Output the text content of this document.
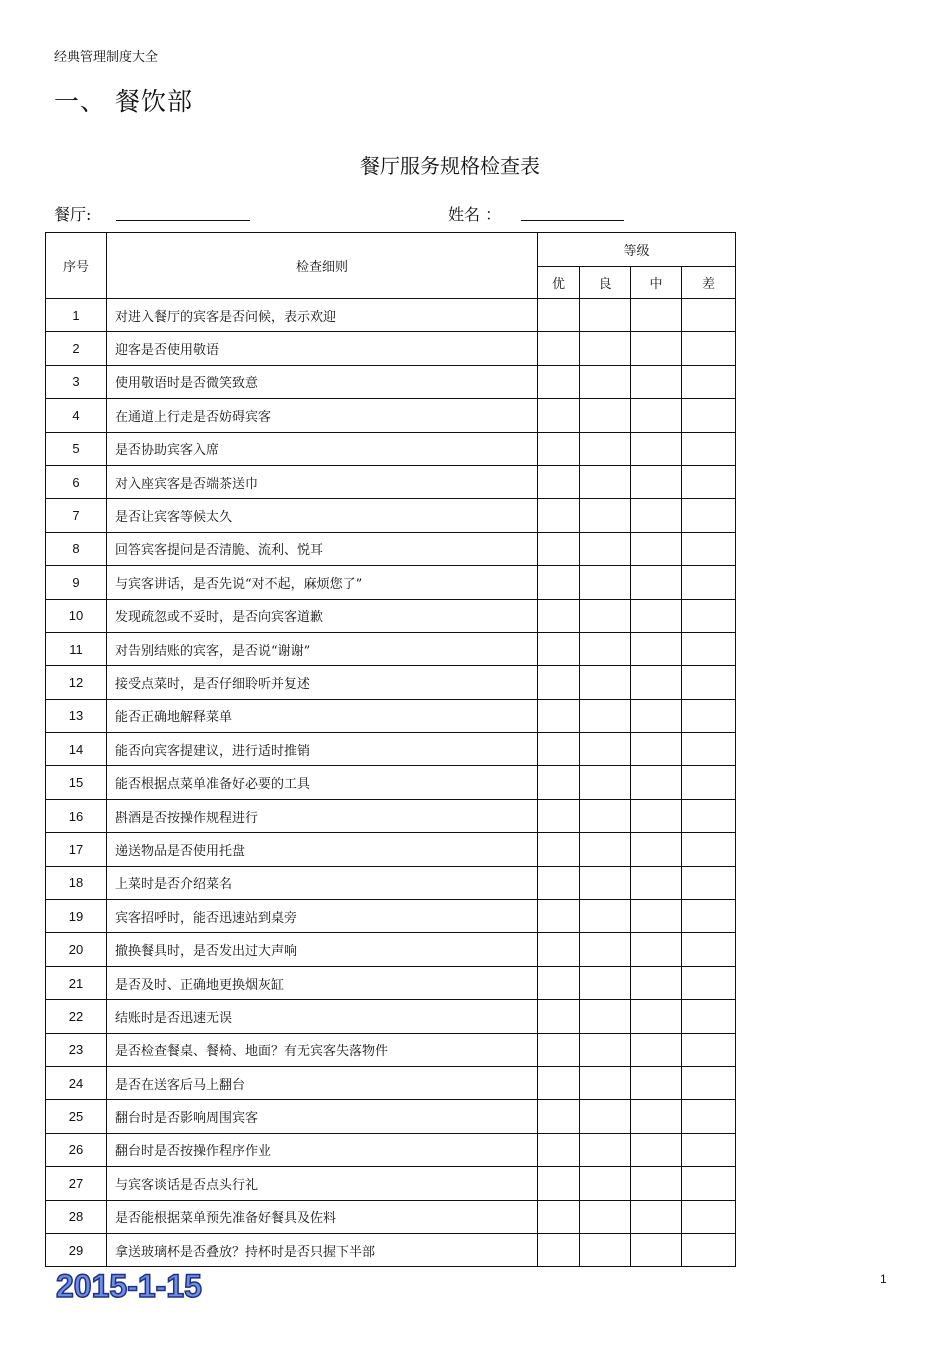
经典管理制度大全
一、 餐饮部
餐厅服务规格检查表
餐厅:	姓名 ：
序号	检查细则	等级			
		优	良	中	差
1	对进入餐厅的宾客是否问候，表示欢迎				
2	迎客是否使用敬语				
3	使用敬语时是否微笑致意				
4	在通道上行走是否妨碍宾客				
5	是否协助宾客入席				
6	对入座宾客是否端茶送巾				
7	是否让宾客等候太久				
8	回答宾客提问是否清脆、流利、悦耳				
9	与宾客讲话，是否先说“对不起，麻烦您了”				
10	发现疏忽或不妥时，是否向宾客道歉				
11	对告别结账的宾客，是否说“谢谢”				
12	接受点菜时，是否仔细聆听并复述				
13	能否正确地解释菜单				
14	能否向宾客提建议，进行适时推销				
15	能否根据点菜单准备好必要的工具				
16	斟酒是否按操作规程进行				
17	递送物品是否使用托盘				
18	上菜时是否介绍菜名				
19	宾客招呼时，能否迅速站到桌旁				
20	撤换餐具时，是否发出过大声响				
21	是否及时、正确地更换烟灰缸				
22	结账时是否迅速无误				
23	是否检查餐桌、餐椅、地面？有无宾客失落物件				
24	是否在送客后马上翻台				
25	翻台时是否影响周围宾客				
26	翻台时是否按操作程序作业				
27	与宾客谈话是否点头行礼				
28	是否能根据菜单预先准备好餐具及佐料				
29	拿送玻璃杯是否叠放？持杯时是否只握下半部				
2015-1-15	1
